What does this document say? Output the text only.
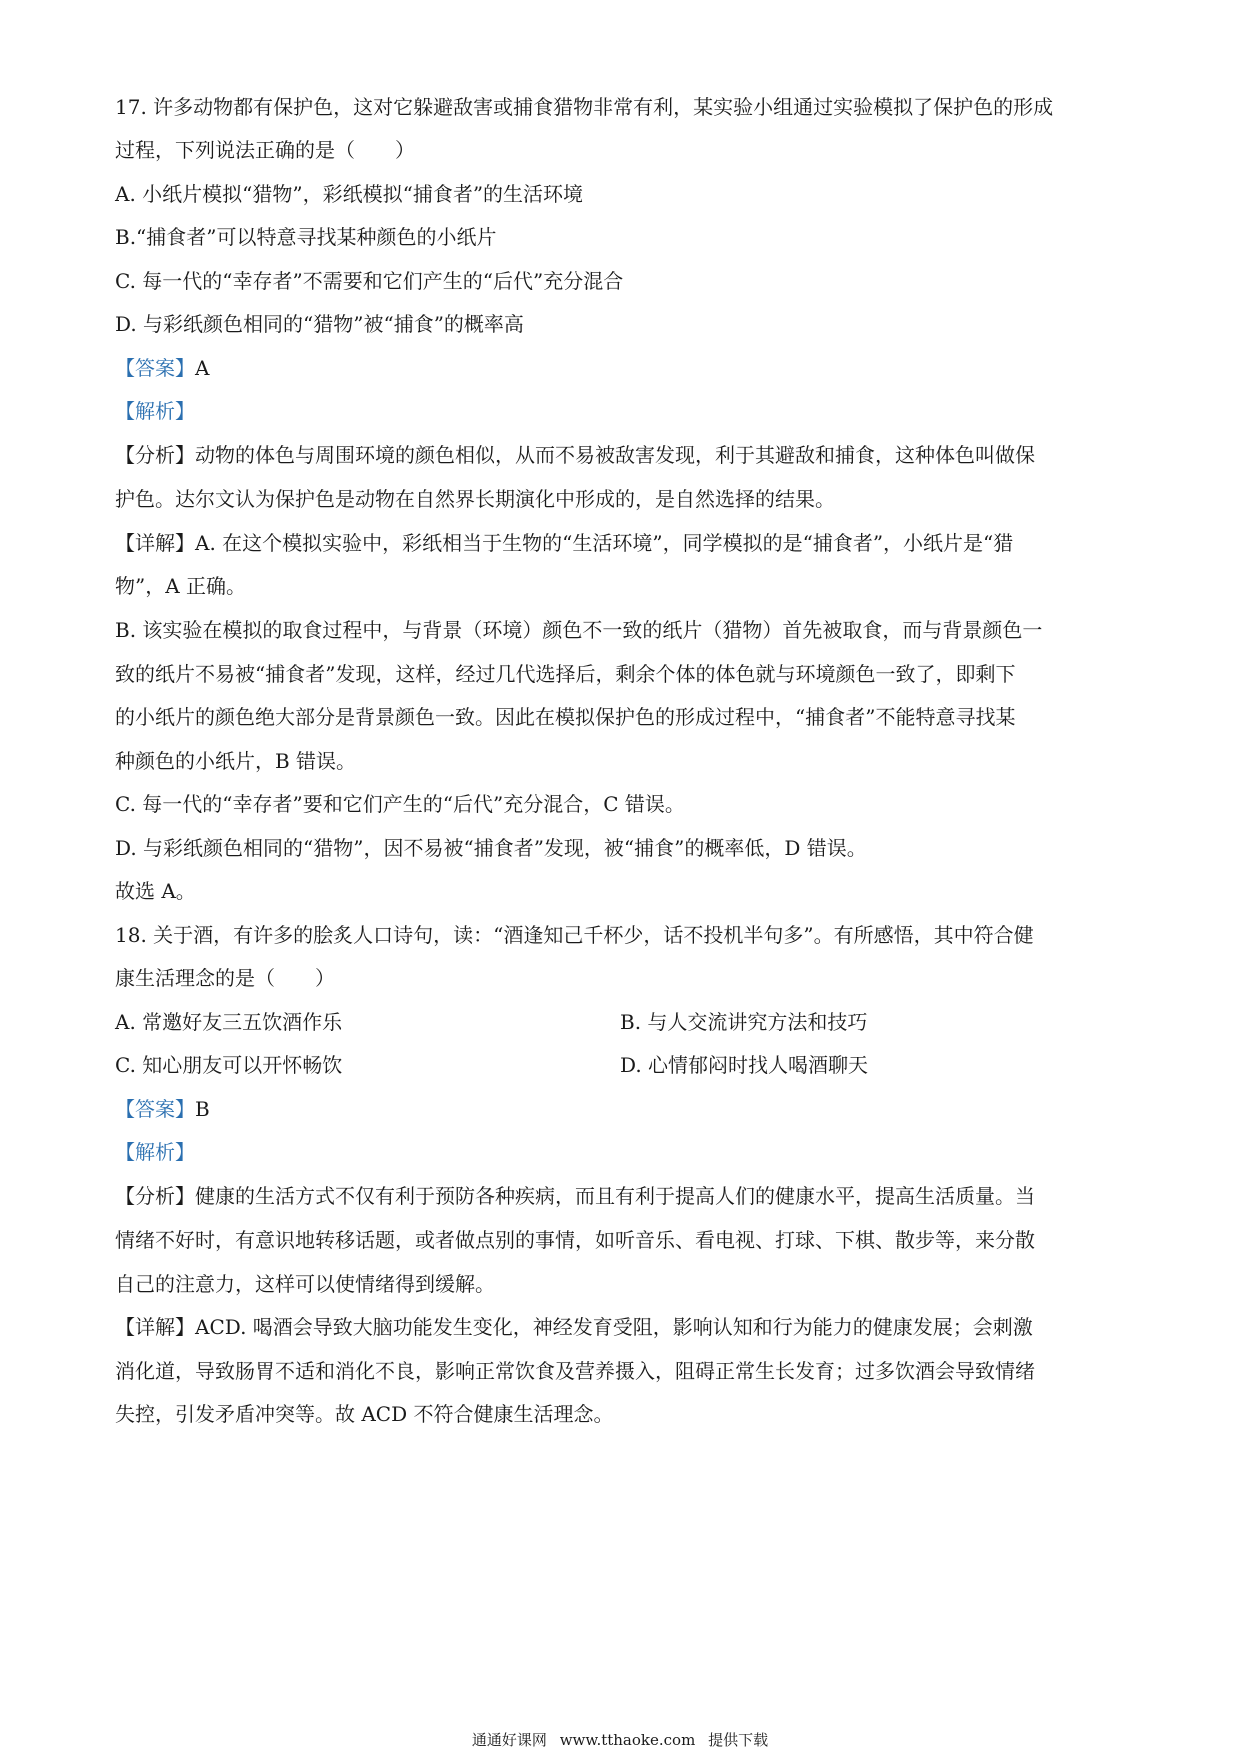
17. 许多动物都有保护色，这对它躲避敌害或捕食猎物非常有利，某实验小组通过实验模拟了保护色的形成
过程，下列说法正确的是（　　）
A. 小纸片模拟“猎物”，彩纸模拟“捕食者”的生活环境
B.“捕食者”可以特意寻找某种颜色的小纸片
C. 每一代的“幸存者”不需要和它们产生的“后代”充分混合
D. 与彩纸颜色相同的“猎物”被“捕食”的概率高
【答案】A
【解析】
【分析】动物的体色与周围环境的颜色相似，从而不易被敌害发现，利于其避敌和捕食，这种体色叫做保
护色。达尔文认为保护色是动物在自然界长期演化中形成的，是自然选择的结果。
【详解】A. 在这个模拟实验中，彩纸相当于生物的“生活环境”，同学模拟的是“捕食者”，小纸片是“猎
物”，A 正确。
B. 该实验在模拟的取食过程中，与背景（环境）颜色不一致的纸片（猎物）首先被取食，而与背景颜色一
致的纸片不易被“捕食者”发现，这样，经过几代选择后，剩余个体的体色就与环境颜色一致了，即剩下
的小纸片的颜色绝大部分是背景颜色一致。因此在模拟保护色的形成过程中，“捕食者”不能特意寻找某
种颜色的小纸片，B 错误。
C. 每一代的“幸存者”要和它们产生的“后代”充分混合，C 错误。
D. 与彩纸颜色相同的“猎物”，因不易被“捕食者”发现，被“捕食”的概率低，D 错误。
故选 A。
18. 关于酒，有许多的脍炙人口诗句，读：“酒逢知己千杯少，话不投机半句多”。有所感悟，其中符合健
康生活理念的是（　　）
A. 常邀好友三五饮酒作乐	B. 与人交流讲究方法和技巧
C. 知心朋友可以开怀畅饮	D. 心情郁闷时找人喝酒聊天
【答案】B
【解析】
【分析】健康的生活方式不仅有利于预防各种疾病，而且有利于提高人们的健康水平，提高生活质量。当
情绪不好时，有意识地转移话题，或者做点别的事情，如听音乐、看电视、打球、下棋、散步等，来分散
自己的注意力，这样可以使情绪得到缓解。
【详解】ACD. 喝酒会导致大脑功能发生变化，神经发育受阻，影响认知和行为能力的健康发展；会刺激
消化道，导致肠胃不适和消化不良，影响正常饮食及营养摄入，阻碍正常生长发育；过多饮酒会导致情绪
失控，引发矛盾冲突等。故 ACD 不符合健康生活理念。
通通好课网 www.tthaoke.com 提供下载
